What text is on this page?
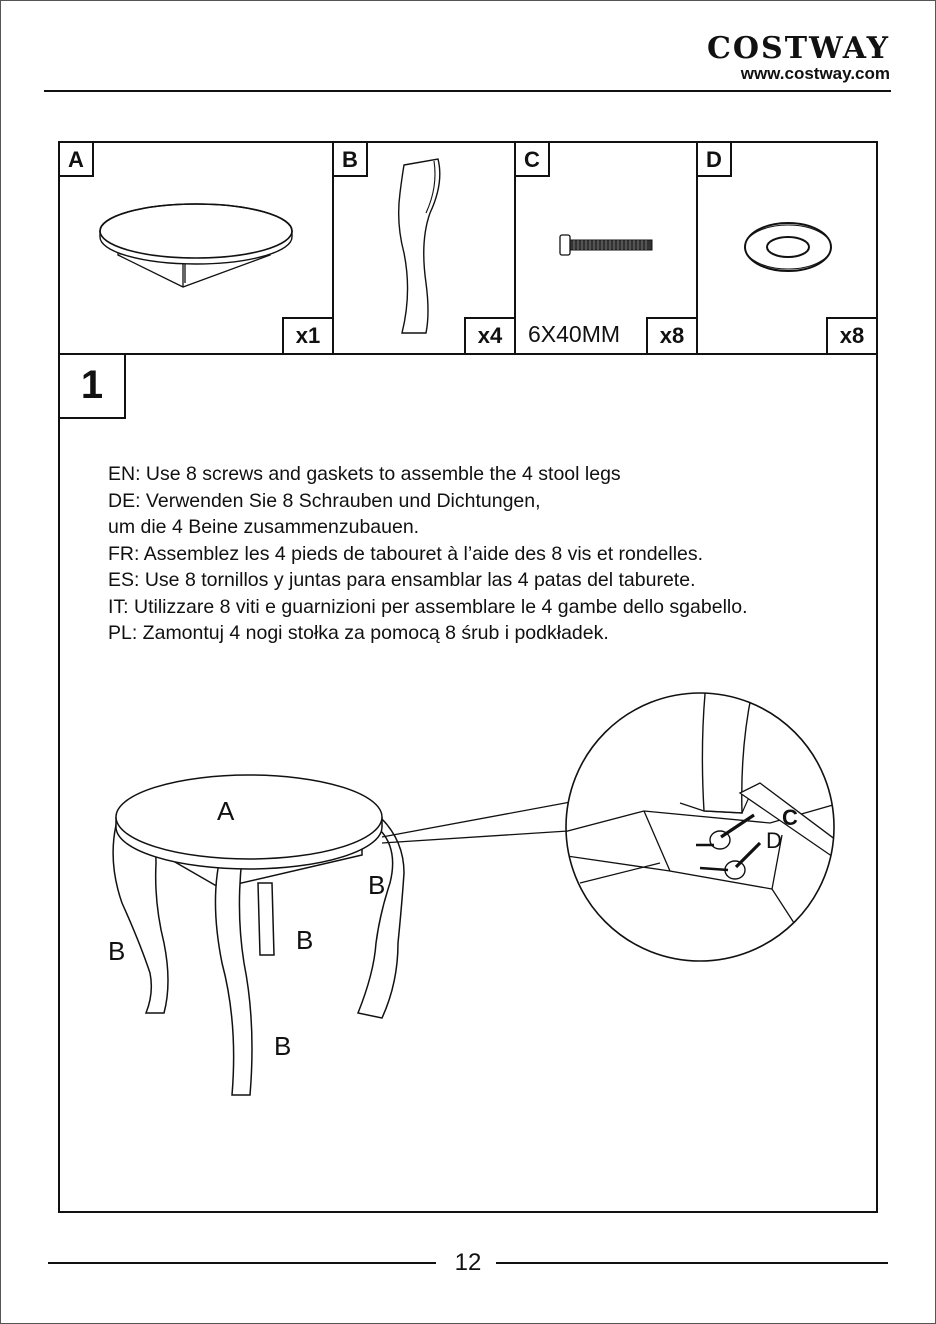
COSTWAY
www.costway.com
A
x1
B
x4
C
6X40MM	x8
D
x8
1
EN: Use 8 screws and gaskets to assemble the 4 stool legs
DE: Verwenden Sie 8 Schrauben und Dichtungen,
um die 4 Beine zusammenzubauen.
FR: Assemblez les 4 pieds de tabouret à l’aide des 8 vis et rondelles.
ES: Use 8 tornillos y juntas para ensamblar las 4 patas del taburete.
IT: Utilizzare 8 viti e guarnizioni per assemblare le 4 gambe dello sgabello.
PL: Zamontuj 4 nogi stołka za pomocą 8 śrub i podkładek.
A
B
B	B
B
C
D
12
